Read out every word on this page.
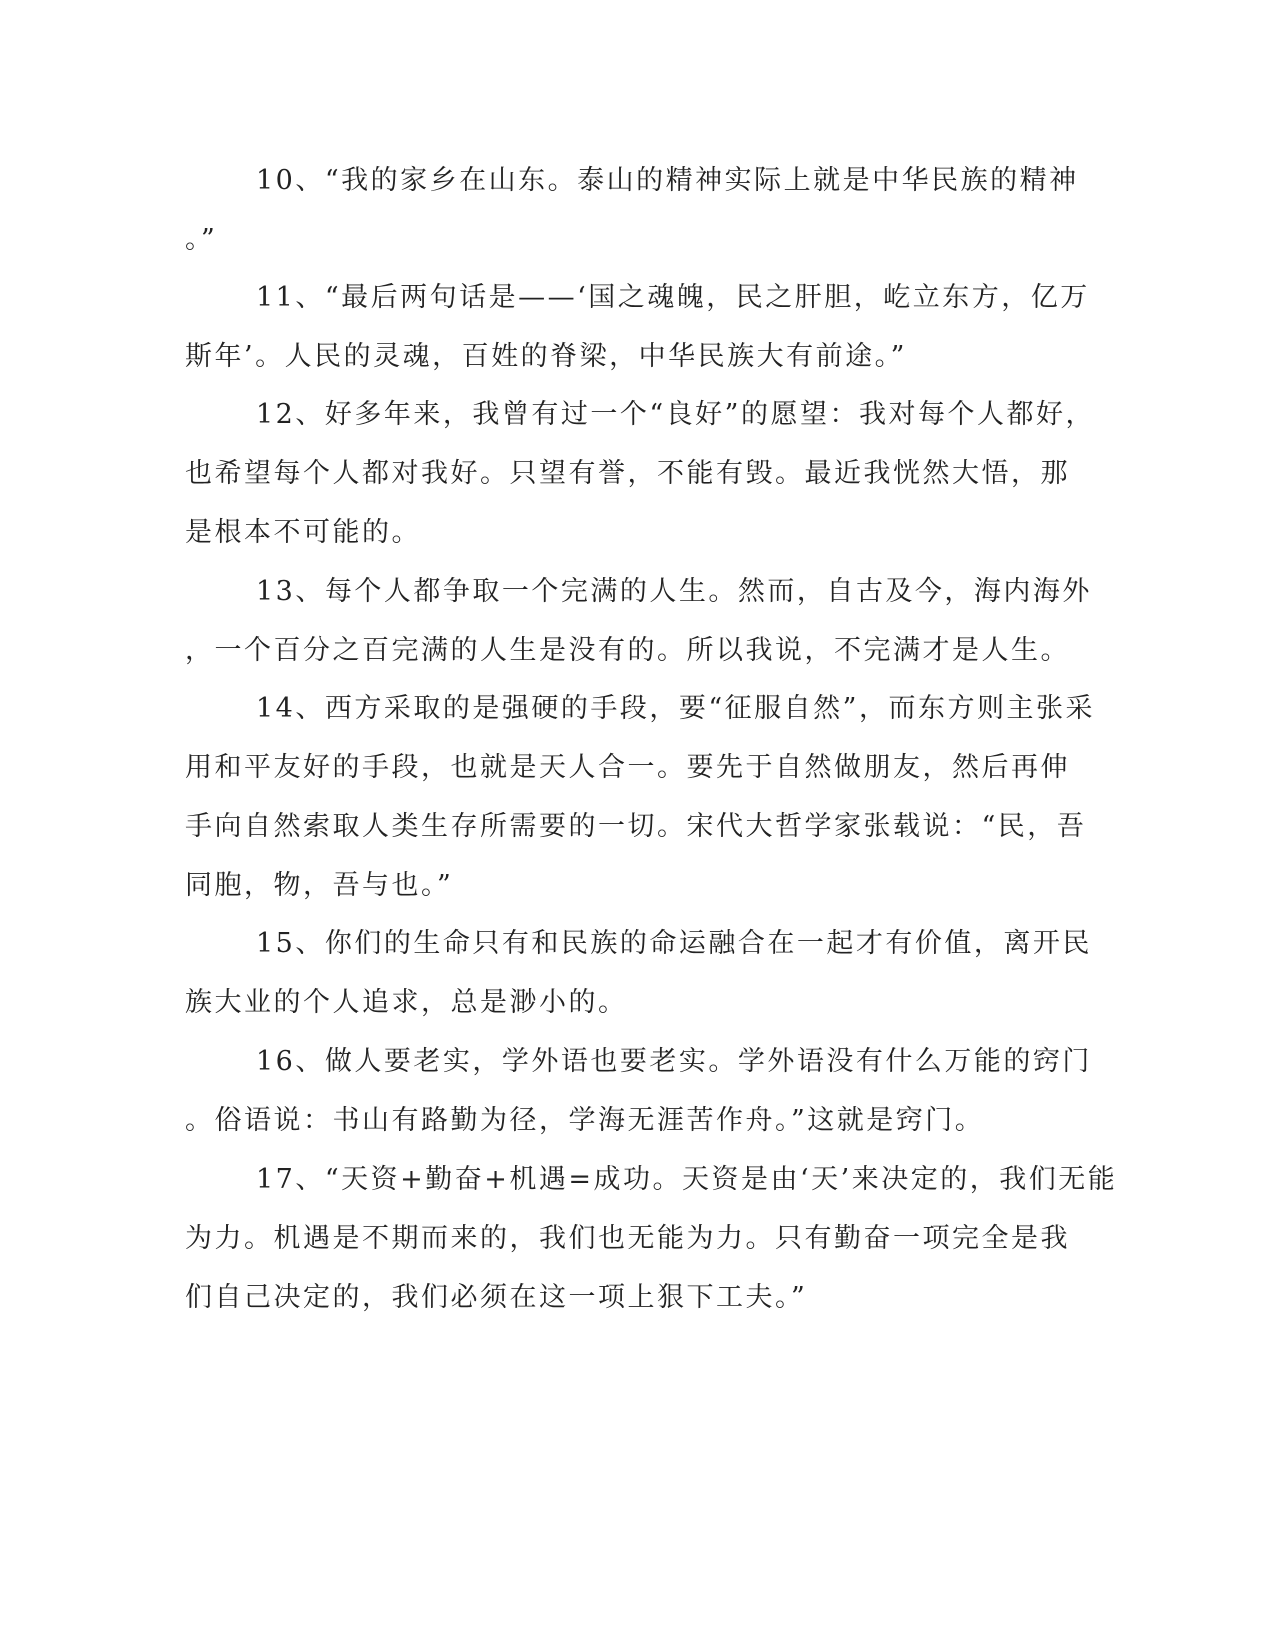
10、“我的家乡在山东。泰山的精神实际上就是中华民族的精神
。”
11、“最后两句话是——‘国之魂魄，民之肝胆，屹立东方，亿万
斯年’。人民的灵魂，百姓的脊梁，中华民族大有前途。”
12、好多年来，我曾有过一个“良好”的愿望：我对每个人都好，
也希望每个人都对我好。只望有誉，不能有毁。最近我恍然大悟，那
是根本不可能的。
13、每个人都争取一个完满的人生。然而，自古及今，海内海外
，一个百分之百完满的人生是没有的。所以我说，不完满才是人生。
14、西方采取的是强硬的手段，要“征服自然”，而东方则主张采
用和平友好的手段，也就是天人合一。要先于自然做朋友，然后再伸
手向自然索取人类生存所需要的一切。宋代大哲学家张载说：“民，吾
同胞，物，吾与也。”
15、你们的生命只有和民族的命运融合在一起才有价值，离开民
族大业的个人追求，总是渺小的。
16、做人要老实，学外语也要老实。学外语没有什么万能的窍门
。俗语说：书山有路勤为径，学海无涯苦作舟。”这就是窍门。
17、“天资+勤奋+机遇=成功。天资是由‘天’来决定的，我们无能
为力。机遇是不期而来的，我们也无能为力。只有勤奋一项完全是我
们自己决定的，我们必须在这一项上狠下工夫。”
